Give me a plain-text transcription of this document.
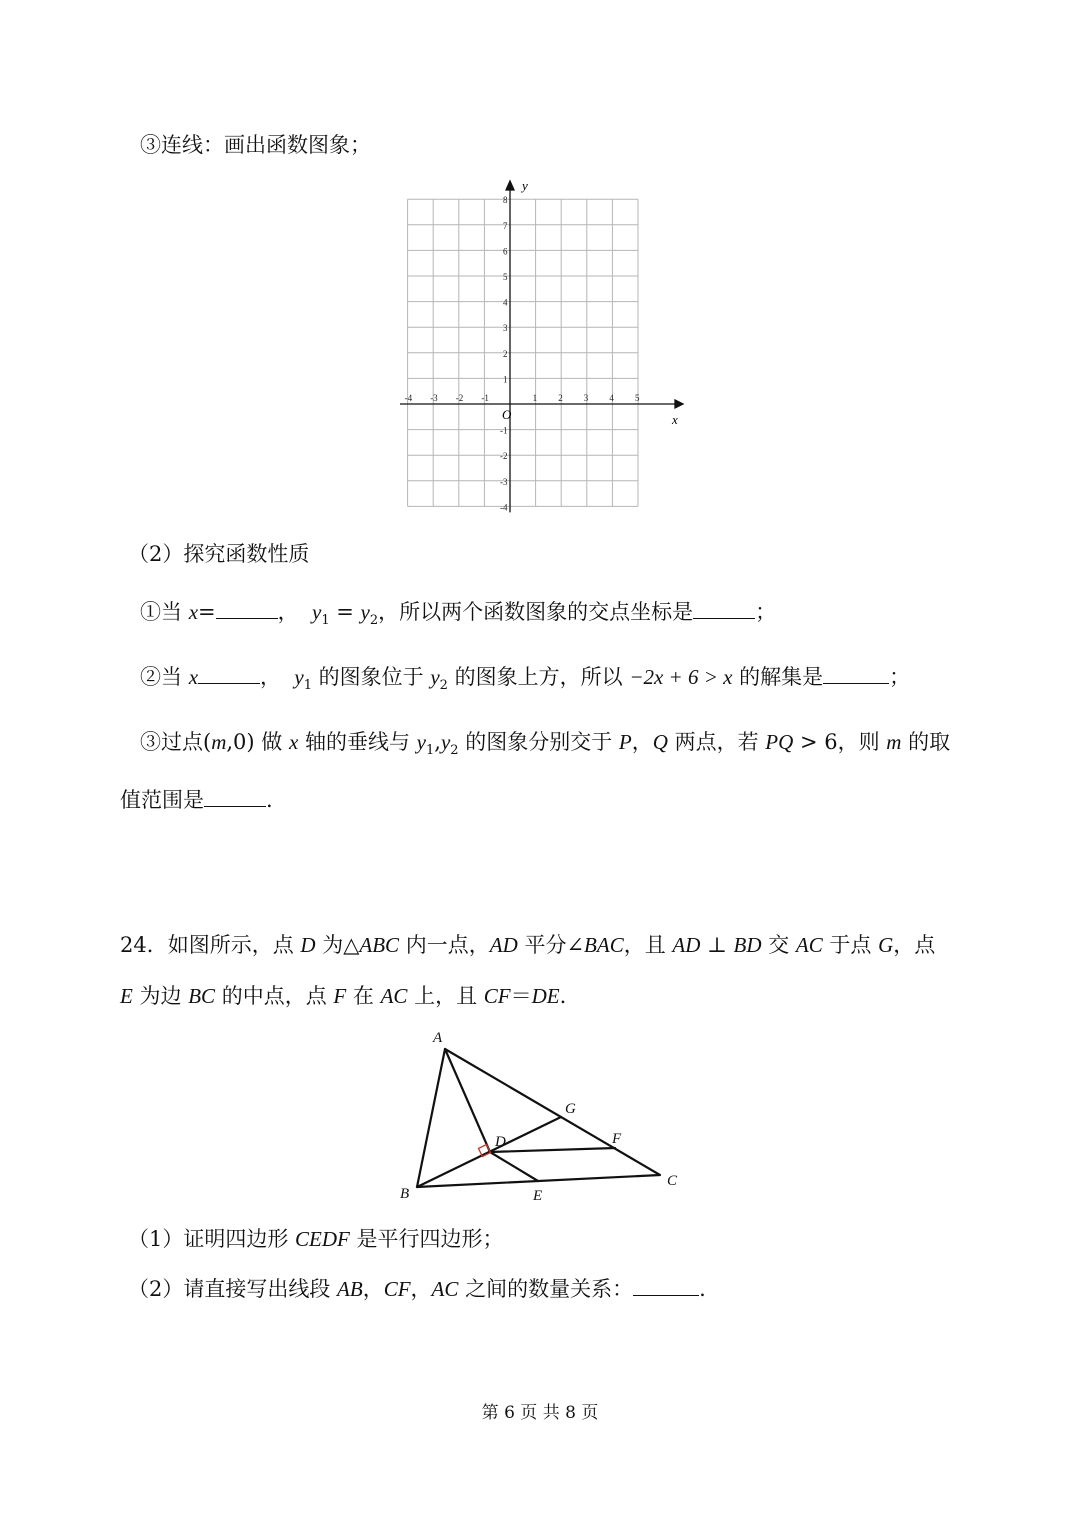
③连线：画出函数图象；
-4 -3 -2 -1	1 2 3 4 5
8
7
6
5
4
3
2
1
-1
-2
-3
-4
y
x
O
（2）探究函数性质
①当 x=	， $y_1 = y_2$，所以两个函数图象的交点坐标是	；
②当 x	， $y_1$ 的图象位于 $y_2$ 的图象上方，所以 −2x + 6 > x 的解集是	；
③过点(m,0) 做 x 轴的垂线与 $y_1,y_2$ 的图象分别交于 P，Q 两点，若 PQ > 6，则 m 的取
值范围是	.
24．如图所示，点 D 为△ABC 内一点，AD 平分∠BAC，且 AD ⊥ BD 交 AC 于点 G，点
E 为边 BC 的中点，点 F 在 AC 上，且 CF＝DE.
A
B
C
D
E
F
G
（1）证明四边形 CEDF 是平行四边形；
（2）请直接写出线段 AB，CF，AC 之间的数量关系：	.
第 6 页 共 8 页
